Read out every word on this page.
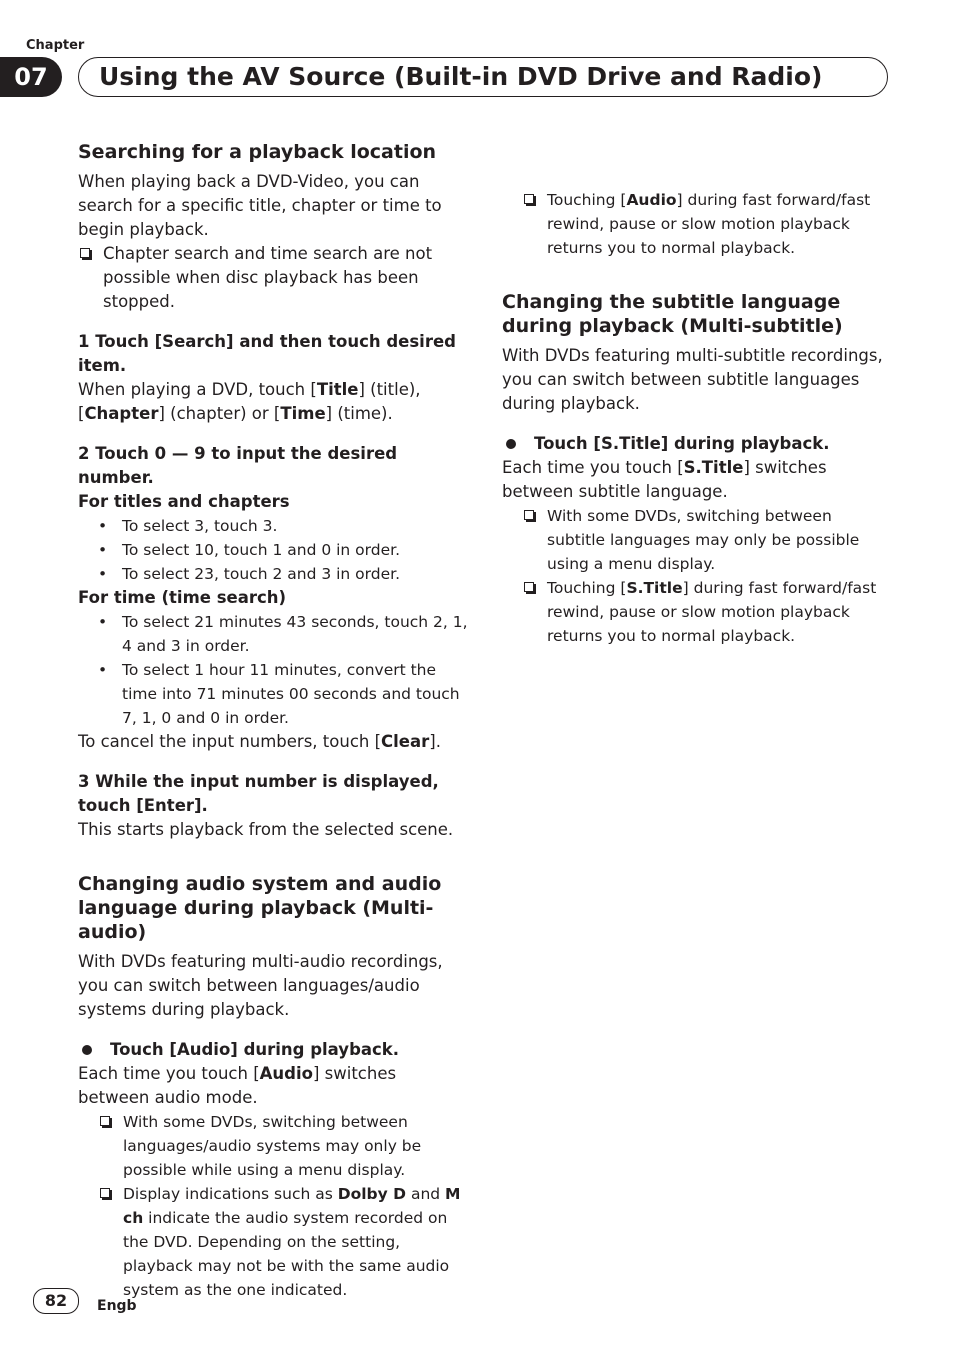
Chapter
07	Using the AV Source (Built-in DVD Drive and Radio)
Searching for a playback location

When playing back a DVD-Video, you can search for a specific title, chapter or time to begin playback.

Chapter search and time search are not possible when disc playback has been stopped.

1 Touch [Search] and then touch desired item.

When playing a DVD, touch [Title] (title), [Chapter] (chapter) or [Time] (time).

2 Touch 0 — 9 to input the desired number.

For titles and chapters

• To select 3, touch 3.

• To select 10, touch 1 and 0 in order.

• To select 23, touch 2 and 3 in order.

For time (time search)

• To select 21 minutes 43 seconds, touch 2, 1, 4 and 3 in order.

• To select 1 hour 11 minutes, convert the time into 71 minutes 00 seconds and touch 7, 1, 0 and 0 in order.

To cancel the input numbers, touch [Clear].

3 While the input number is displayed, touch [Enter].

This starts playback from the selected scene.

Changing audio system and audio language during playback (Multi-audio)

With DVDs featuring multi-audio recordings, you can switch between languages/audio systems during playback.

Touch [Audio] during playback.

Each time you touch [Audio] switches between audio mode.

With some DVDs, switching between languages/audio systems may only be possible while using a menu display.

Display indications such as Dolby D and M ch indicate the audio system recorded on the DVD. Depending on the setting, playback may not be with the same audio system as the one indicated.

Touching [Audio] during fast forward/fast rewind, pause or slow motion playback returns you to normal playback.

Changing the subtitle language during playback (Multi-subtitle)

With DVDs featuring multi-subtitle recordings, you can switch between subtitle languages during playback.

Touch [S.Title] during playback.

Each time you touch [S.Title] switches between subtitle language.

With some DVDs, switching between subtitle languages may only be possible using a menu display.

Touching [S.Title] during fast forward/fast rewind, pause or slow motion playback returns you to normal playback.

82	Engb
